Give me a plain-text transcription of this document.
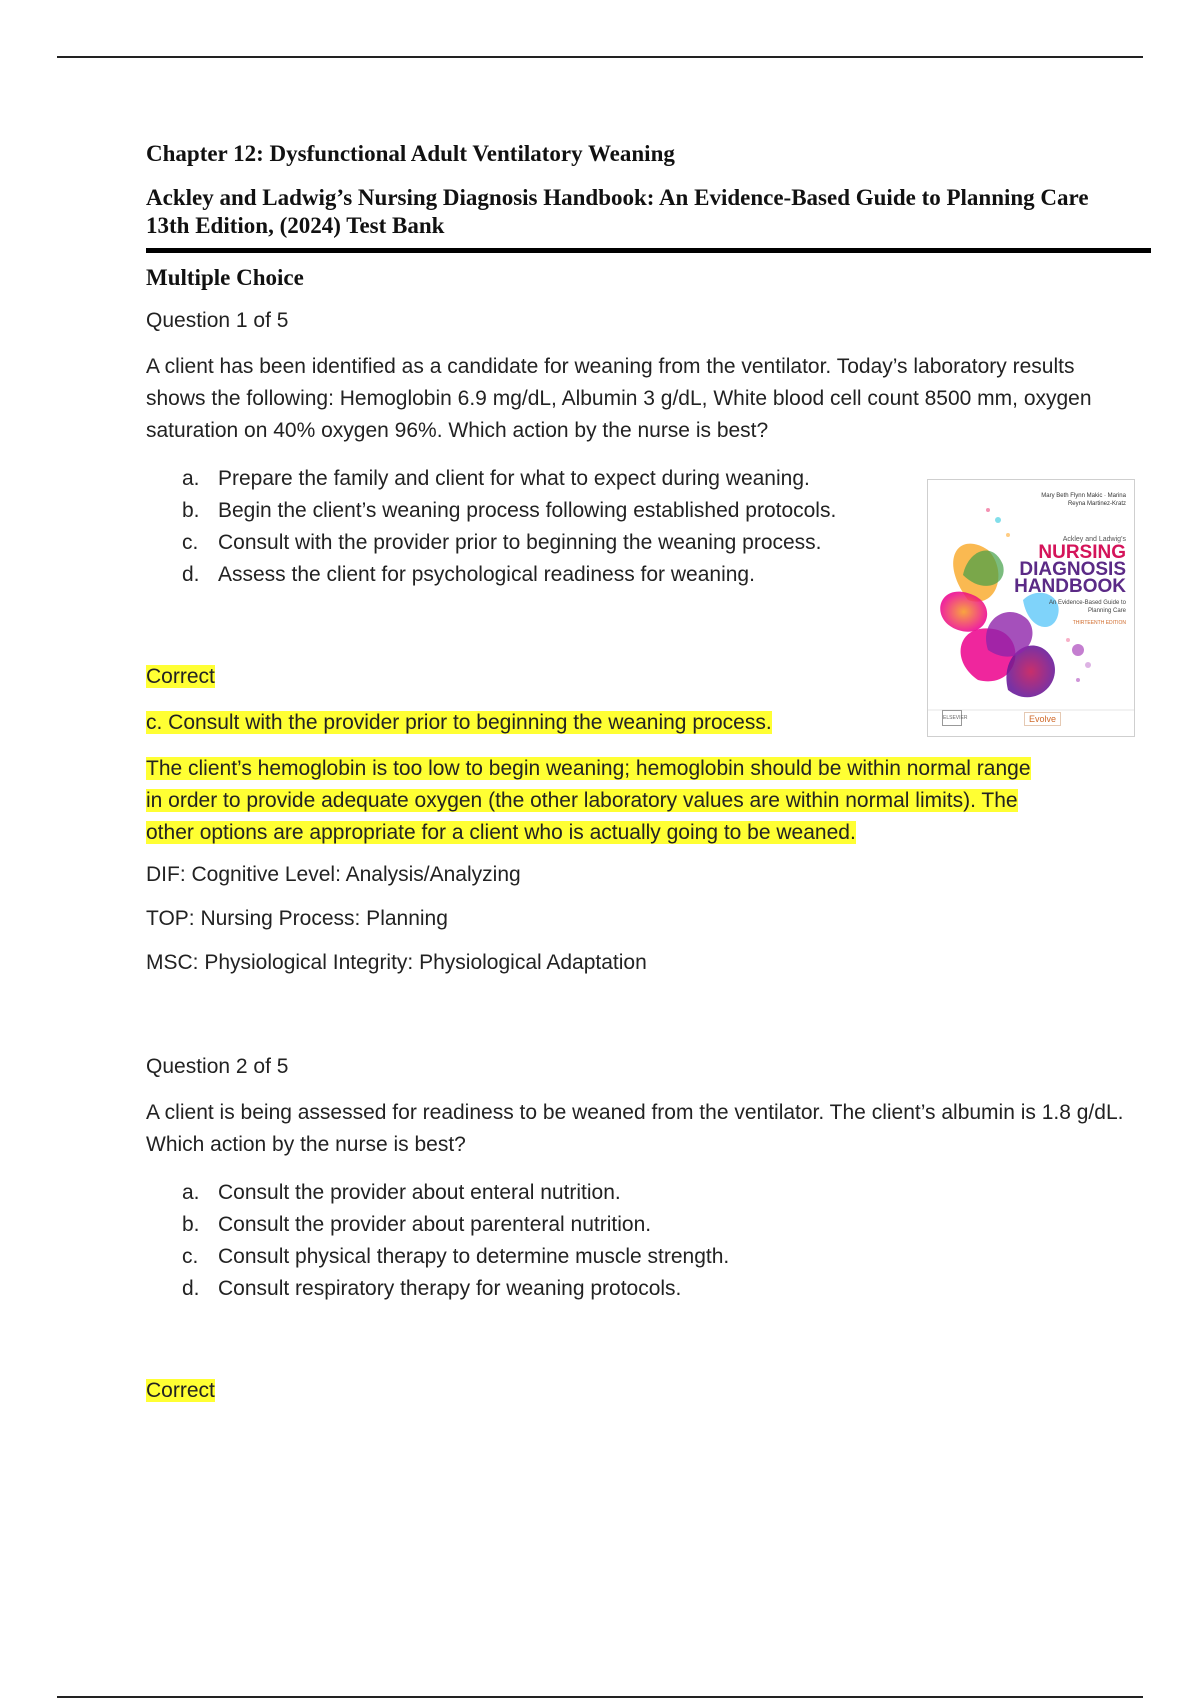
Chapter 12: Dysfunctional Adult Ventilatory Weaning
Ackley and Ladwig’s Nursing Diagnosis Handbook: An Evidence-Based Guide to Planning Care 13th Edition, (2024) Test Bank
Multiple Choice

Question 1 of 5

A client has been identified as a candidate for weaning from the ventilator. Today’s laboratory results shows the following: Hemoglobin 6.9 mg/dL, Albumin 3 g/dL, White blood cell count 8500 mm, oxygen saturation on 40% oxygen 96%. Which action by the nurse is best?

a. Prepare the family and client for what to expect during weaning.
b. Begin the client’s weaning process following established protocols.
c. Consult with the provider prior to beginning the weaning process.
d. Assess the client for psychological readiness for weaning.

Correct

c. Consult with the provider prior to beginning the weaning process.

The client’s hemoglobin is too low to begin weaning; hemoglobin should be within normal range in order to provide adequate oxygen (the other laboratory values are within normal limits). The other options are appropriate for a client who is actually going to be weaned.

DIF: Cognitive Level: Analysis/Analyzing

TOP: Nursing Process: Planning

MSC: Physiological Integrity: Physiological Adaptation

Question 2 of 5

A client is being assessed for readiness to be weaned from the ventilator. The client’s albumin is 1.8 g/dL. Which action by the nurse is best?

a. Consult the provider about enteral nutrition.
b. Consult the provider about parenteral nutrition.
c. Consult physical therapy to determine muscle strength.
d. Consult respiratory therapy for weaning protocols.

Correct

Mary Beth Flynn Makic · Marina Reyna Martinez-Kratz
Ackley and Ladwig’s
NURSING
DIAGNOSIS
HANDBOOK
An Evidence-Based Guide to Planning Care
THIRTEENTH EDITION
ELSEVIER	Evolve
